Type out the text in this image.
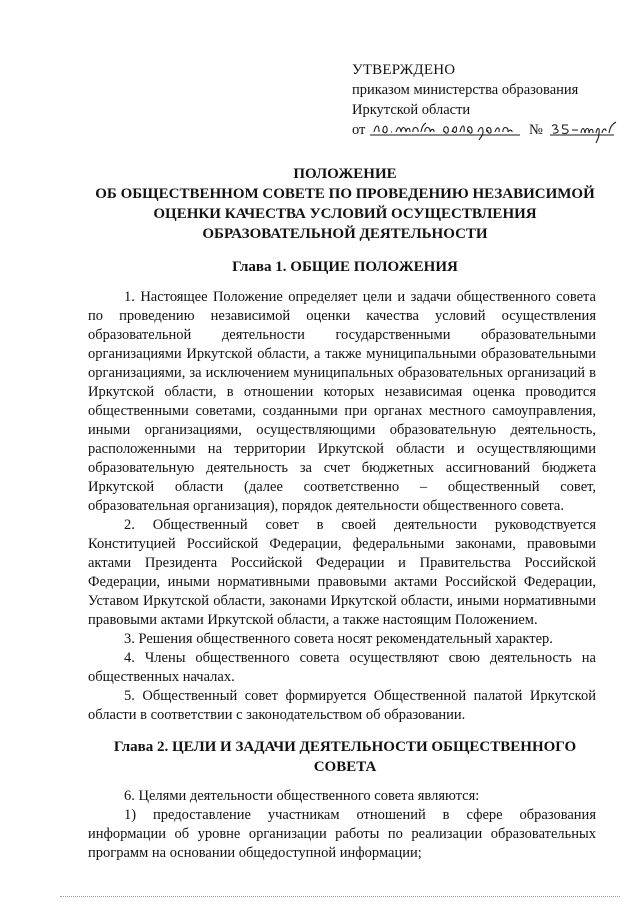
УТВЕРЖДЕНО
приказом министерства образования
Иркутской области
от	№
ПОЛОЖЕНИЕ
ОБ ОБЩЕСТВЕННОМ СОВЕТЕ ПО ПРОВЕДЕНИЮ НЕЗАВИСИМОЙ
ОЦЕНКИ КАЧЕСТВА УСЛОВИЙ ОСУЩЕСТВЛЕНИЯ
ОБРАЗОВАТЕЛЬНОЙ ДЕЯТЕЛЬНОСТИ
Глава 1. ОБЩИЕ ПОЛОЖЕНИЯ

1. Настоящее Положение определяет цели и задачи общественного совета по проведению независимой оценки качества условий осуществления образовательной деятельности государственными образовательными организациями Иркутской области, а также муниципальными образовательными организациями, за исключением муниципальных образовательных организаций в Иркутской области, в отношении которых независимая оценка проводится общественными советами, созданными при органах местного самоуправления, иными организациями, осуществляющими образовательную деятельность, расположенными на территории Иркутской области и осуществляющими образовательную деятельность за счет бюджетных ассигнований бюджета Иркутской области (далее соответственно – общественный совет, образовательная организация), порядок деятельности общественного совета.

2. Общественный совет в своей деятельности руководствуется Конституцией Российской Федерации, федеральными законами, правовыми актами Президента Российской Федерации и Правительства Российской Федерации, иными нормативными правовыми актами Российской Федерации, Уставом Иркутской области, законами Иркутской области, иными нормативными правовыми актами Иркутской области, а также настоящим Положением.

3. Решения общественного совета носят рекомендательный характер.

4. Члены общественного совета осуществляют свою деятельность на общественных началах.

5. Общественный совет формируется Общественной палатой Иркутской области в соответствии с законодательством об образовании.

Глава 2. ЦЕЛИ И ЗАДАЧИ ДЕЯТЕЛЬНОСТИ ОБЩЕСТВЕННОГО
СОВЕТА

6. Целями деятельности общественного совета являются:

1) предоставление участникам отношений в сфере образования информации об уровне организации работы по реализации образовательных программ на основании общедоступной информации;
